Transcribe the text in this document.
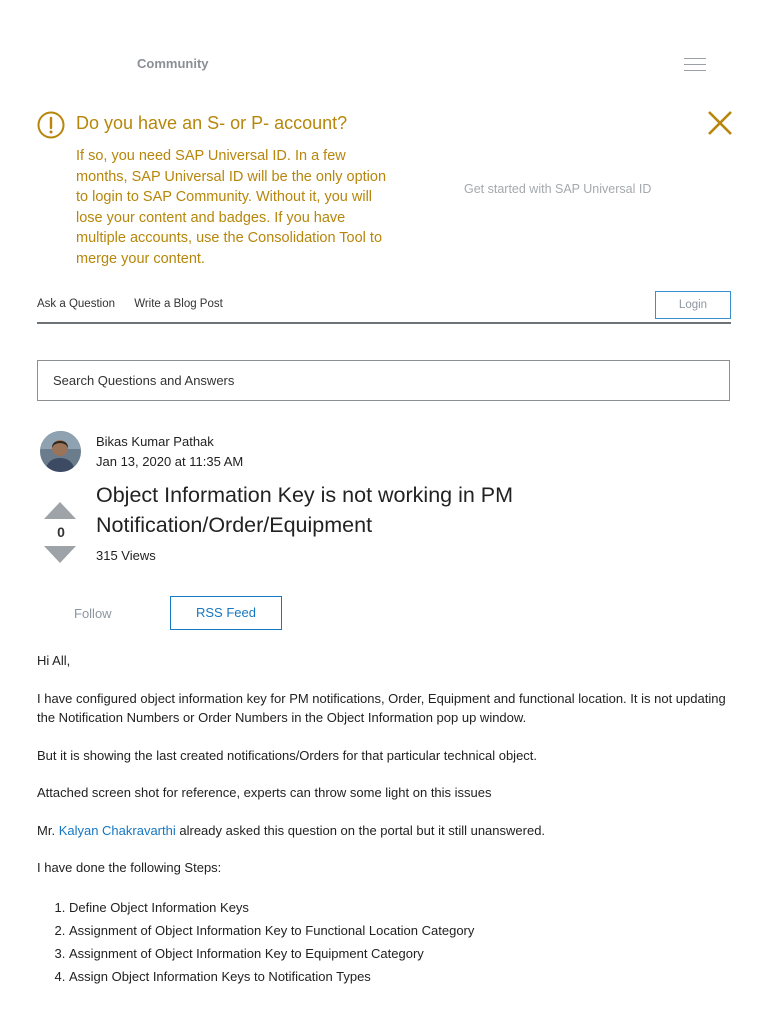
Community
Do you have an S- or P- account?
If so, you need SAP Universal ID. In a few months, SAP Universal ID will be the only option to login to SAP Community. Without it, you will lose your content and badges. If you have multiple accounts, use the Consolidation Tool to merge your content.
Get started with SAP Universal ID
Ask a Question Write a Blog Post	Login
Search Questions and Answers
Bikas Kumar Pathak
Jan 13, 2020 at 11:35 AM
0
Object Information Key is not working in PM Notification/Order/Equipment
315 Views
Follow	RSS Feed

Hi All,

I have configured object information key for PM notifications, Order, Equipment and functional location. It is not updating the Notification Numbers or Order Numbers in the Object Information pop up window.

But it is showing the last created notifications/Orders for that particular technical object.

Attached screen shot for reference, experts can throw some light on this issues

Mr. Kalyan Chakravarthi already asked this question on the portal but it still unanswered.

I have done the following Steps:

1. Define Object Information Keys
2. Assignment of Object Information Key to Functional Location Category
3. Assignment of Object Information Key to Equipment Category
4. Assign Object Information Keys to Notification Types
